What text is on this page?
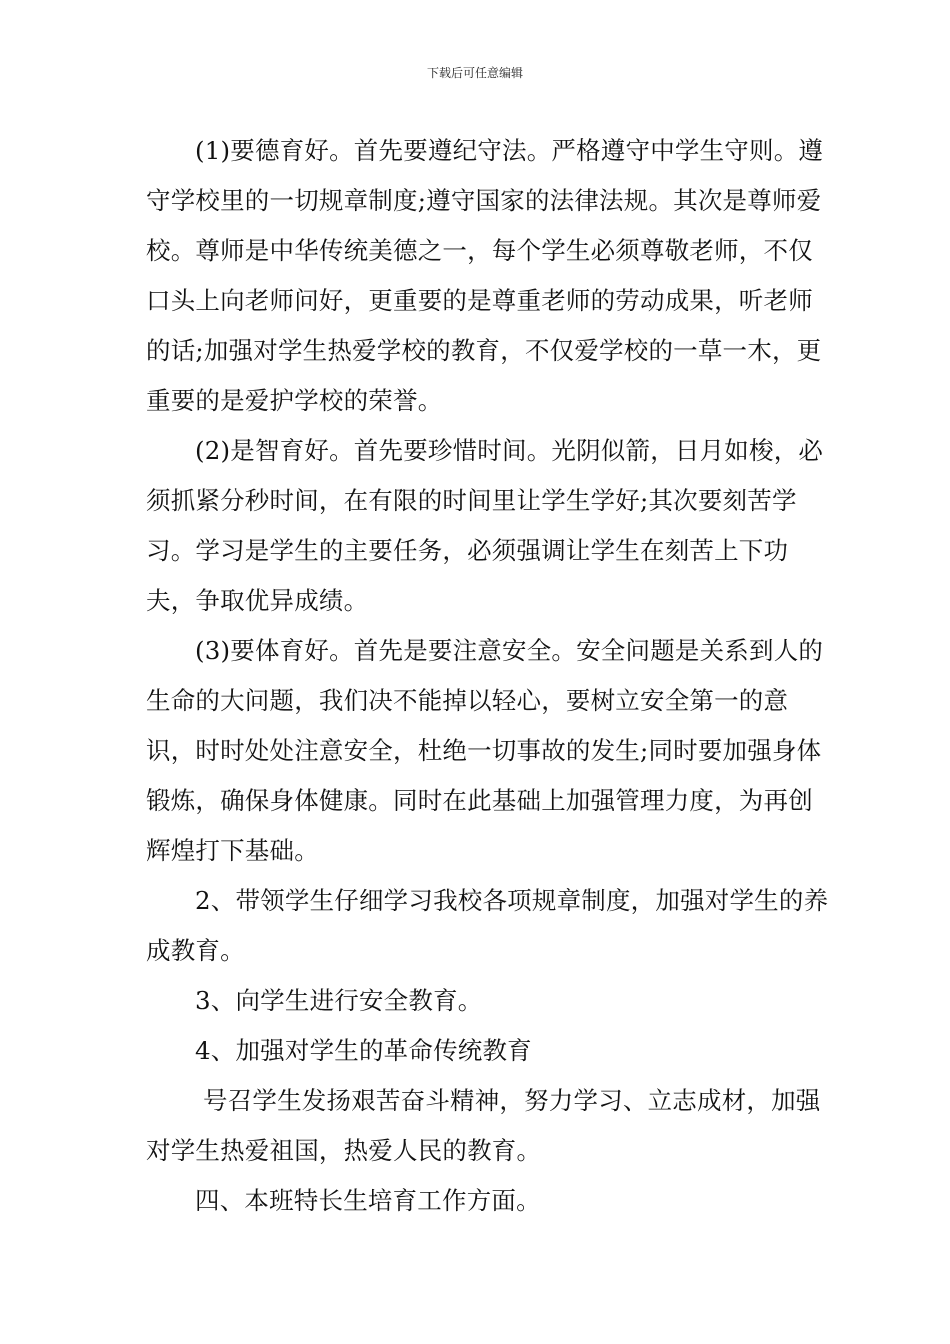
下载后可任意编辑

(1)要德育好。首先要遵纪守法。严格遵守中学生守则。遵守学校里的一切规章制度;遵守国家的法律法规。其次是尊师爱校。尊师是中华传统美德之一，每个学生必须尊敬老师，不仅口头上向老师问好，更重要的是尊重老师的劳动成果，听老师的话;加强对学生热爱学校的教育，不仅爱学校的一草一木，更重要的是爱护学校的荣誉。

(2)是智育好。首先要珍惜时间。光阴似箭，日月如梭，必须抓紧分秒时间，在有限的时间里让学生学好;其次要刻苦学习。学习是学生的主要任务，必须强调让学生在刻苦上下功夫，争取优异成绩。

(3)要体育好。首先是要注意安全。安全问题是关系到人的生命的大问题，我们决不能掉以轻心，要树立安全第一的意识，时时处处注意安全，杜绝一切事故的发生;同时要加强身体锻炼，确保身体健康。同时在此基础上加强管理力度，为再创辉煌打下基础。

2、带领学生仔细学习我校各项规章制度，加强对学生的养成教育。

3、向学生进行安全教育。

4、加强对学生的革命传统教育

号召学生发扬艰苦奋斗精神，努力学习、立志成材，加强对学生热爱祖国，热爱人民的教育。

四、本班特长生培育工作方面。
